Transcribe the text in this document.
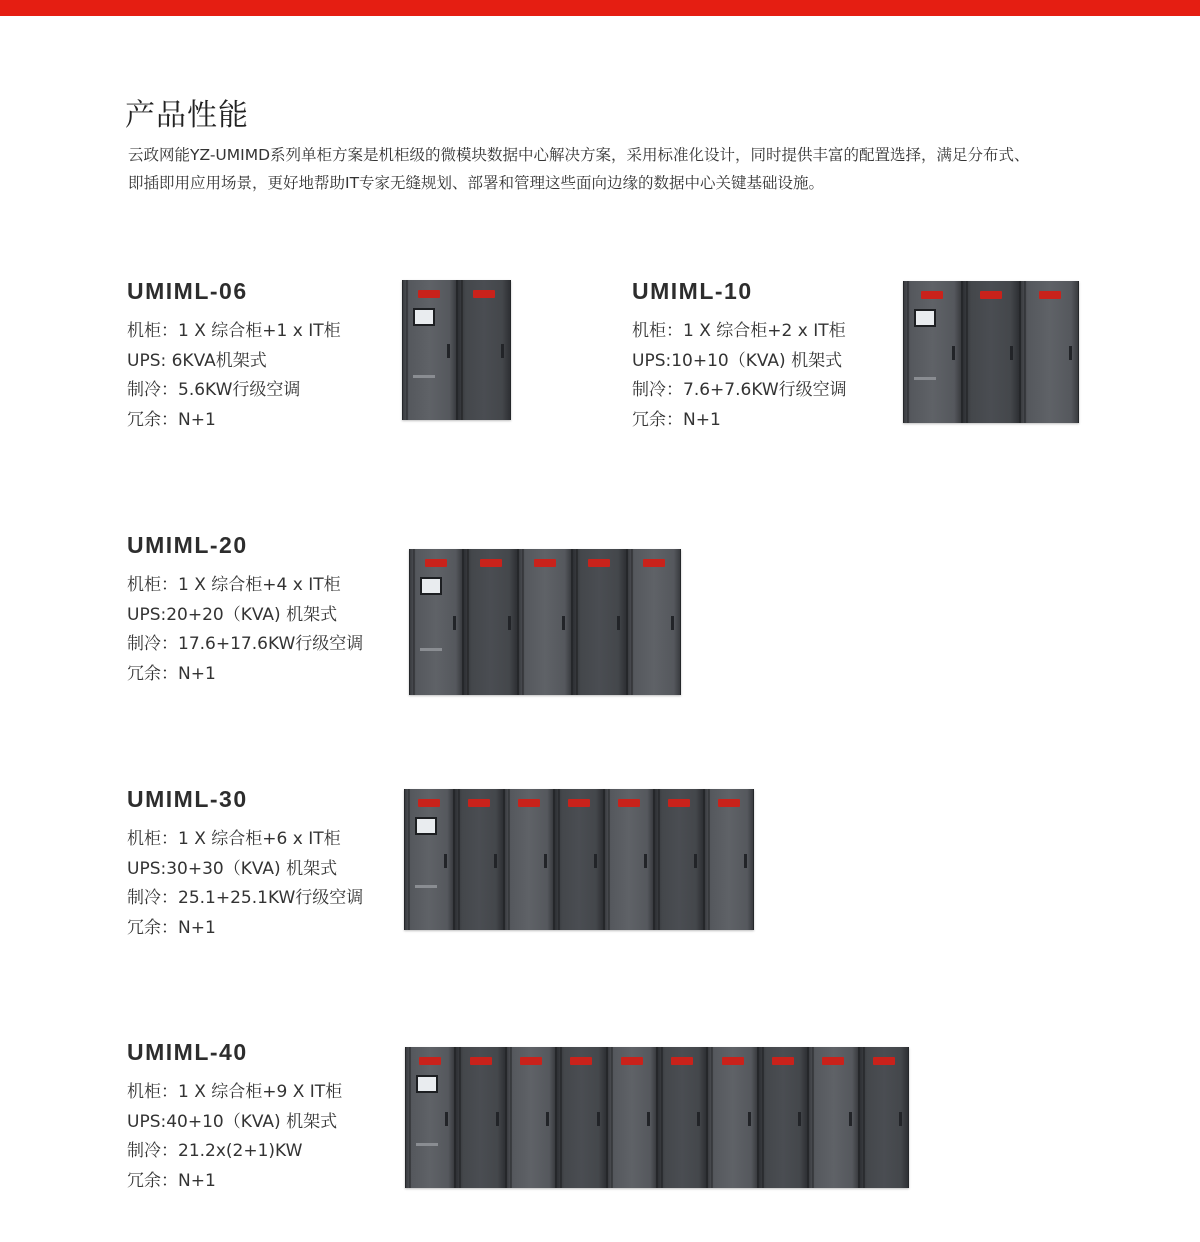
产品性能

云政网能YZ-UMIMD系列单柜方案是机柜级的微模块数据中心解决方案，采用标准化设计，同时提供丰富的配置选择，满足分布式、

即插即用应用场景，更好地帮助IT专家无缝规划、部署和管理这些面向边缘的数据中心关键基础设施。

UMIML-06
机柜：1 X 综合柜+1 x IT柜
UPS: 6KVA机架式
制冷：5.6KW行级空调
冗余：N+1
UMIML-10
机柜：1 X 综合柜+2 x IT柜
UPS:10+10（KVA) 机架式
制冷：7.6+7.6KW行级空调
冗余：N+1
UMIML-20
机柜：1 X 综合柜+4 x IT柜
UPS:20+20（KVA) 机架式
制冷：17.6+17.6KW行级空调
冗余：N+1
UMIML-30
机柜：1 X 综合柜+6 x IT柜
UPS:30+30（KVA) 机架式
制冷：25.1+25.1KW行级空调
冗余：N+1
UMIML-40
机柜：1 X 综合柜+9 X IT柜
UPS:40+10（KVA) 机架式
制冷：21.2x(2+1)KW
冗余：N+1
